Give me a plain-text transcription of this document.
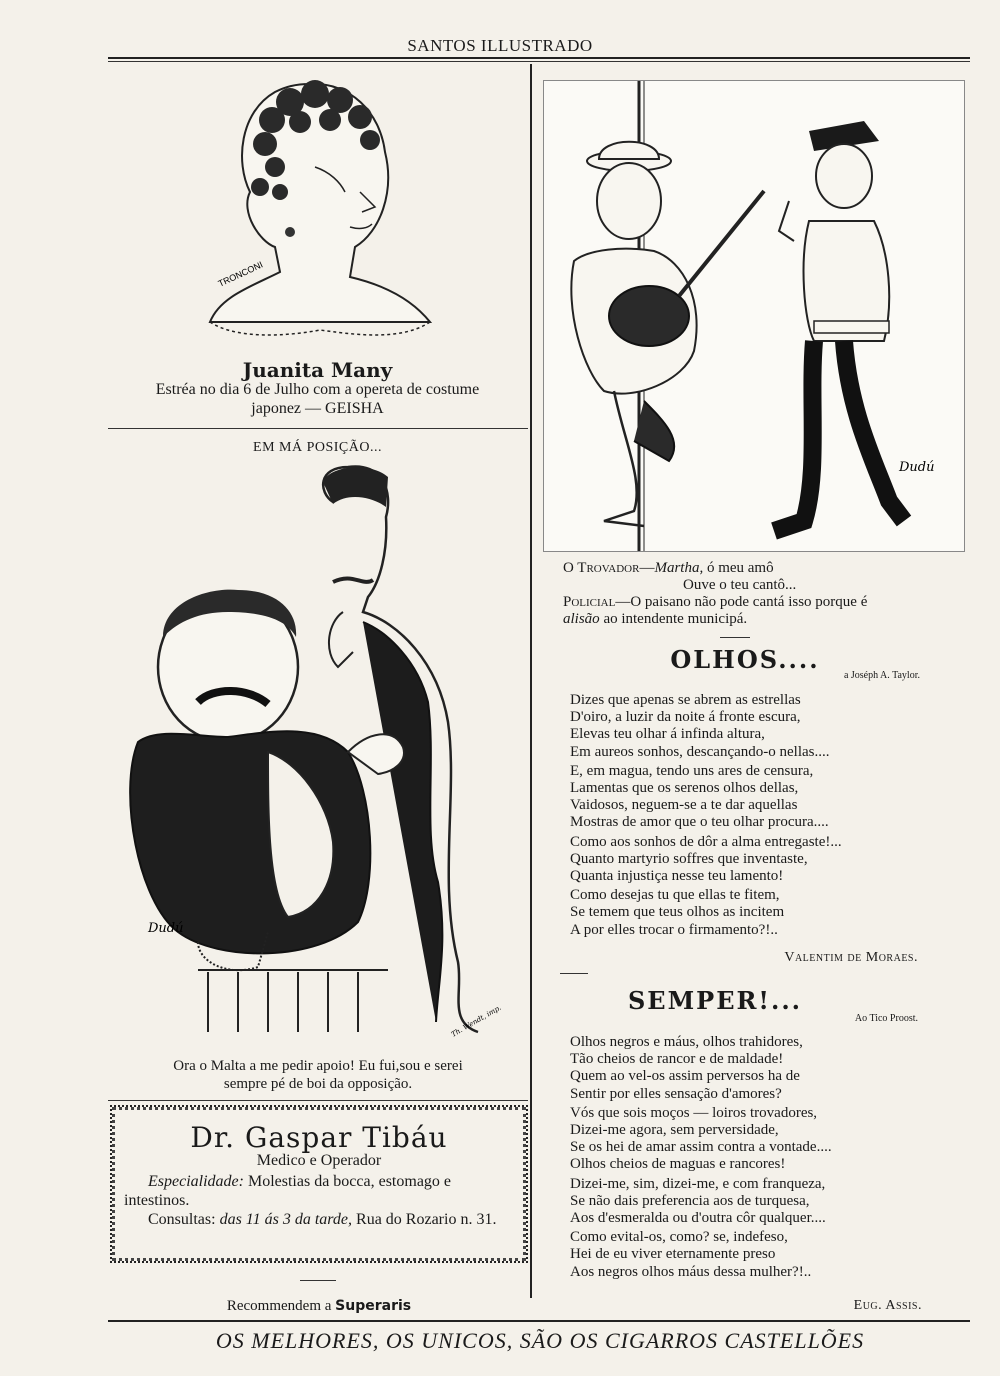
SANTOS ILLUSTRADO
TRONCONI
Juanita Many
Estréa no dia 6 de Julho com a opereta de costume
japonez — GEISHA
EM MÁ POSIÇÃO...
Dudú
Th. Wendt, imp.
Ora o Malta a me pedir apoio! Eu fui,sou e serei
sempre pé de boi da opposição.
Dr. Gaspar Tibáu
Medico e Operador
Especialidade: Molestias da bocca, estomago e intestinos.
Consultas: das 11 ás 3 da tarde, Rua do Rozario n. 31.
Recommendem a Superaris
Dudú
O Trovador—Martha, ó meu amô
Ouve o teu cantô...
Policial—O paisano não pode cantá isso porque é
alisão ao intendente municipá.
OLHOS....
a Joséph A. Taylor.
Dizes que apenas se abrem as estrellas
D'oiro, a luzir da noite á fronte escura,
Elevas teu olhar á infinda altura,
Em aureos sonhos, descançando-o nellas....
E, em magua, tendo uns ares de censura,
Lamentas que os serenos olhos dellas,
Vaidosos, neguem-se a te dar aquellas
Mostras de amor que o teu olhar procura....
Como aos sonhos de dôr a alma entregaste!...
Quanto martyrio soffres que inventaste,
Quanta injustiça nesse teu lamento!
Como desejas tu que ellas te fitem,
Se temem que teus olhos as incitem
A por elles trocar o firmamento?!..
Valentim de Moraes.
SEMPER!...
Ao Tico Proost.
Olhos negros e máus, olhos trahidores,
Tão cheios de rancor e de maldade!
Quem ao vel-os assim perversos ha de
Sentir por elles sensação d'amores?
Vós que sois moços — loiros trovadores,
Dizei-me agora, sem perversidade,
Se os hei de amar assim contra a vontade....
Olhos cheios de maguas e rancores!
Dizei-me, sim, dizei-me, e com franqueza,
Se não dais preferencia aos de turquesa,
Aos d'esmeralda ou d'outra côr qualquer....
Como evital-os, como? se, indefeso,
Hei de eu viver eternamente preso
Aos negros olhos máus dessa mulher?!..
Eug. Assis.
OS MELHORES, OS UNICOS, SÃO OS CIGARROS CASTELLÕES
